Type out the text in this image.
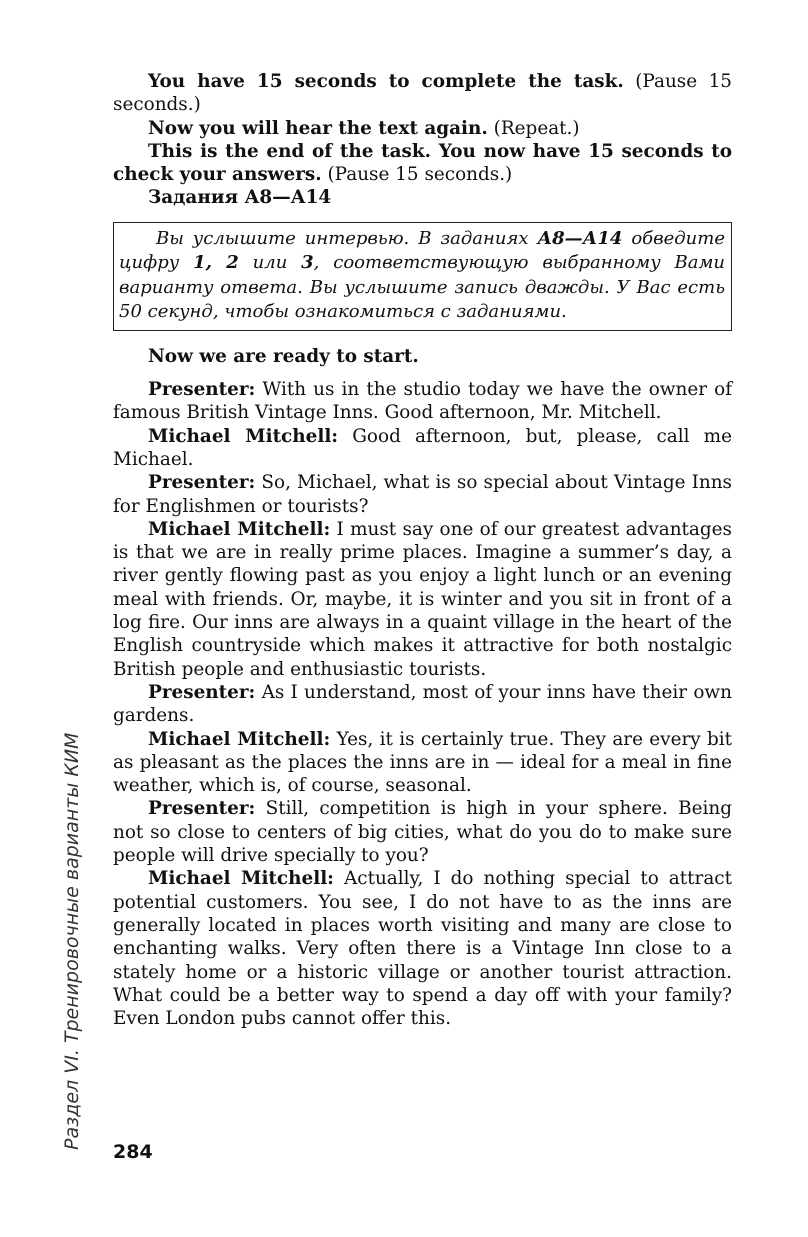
You have 15 seconds to complete the task. (Pause 15 seconds.)

Now you will hear the text again. (Repeat.)

This is the end of the task. You now have 15 seconds to check your answers. (Pause 15 seconds.)

Задания А8—А14

Вы услышите интервью. В заданиях А8—А14 обведите цифру 1, 2 или 3, соответствующую выбранному Вами варианту ответа. Вы услышите запись дважды. У Вас есть 50 секунд, чтобы ознакомиться с заданиями.

Now we are ready to start.

Presenter: With us in the studio today we have the owner of famous British Vintage Inns. Good afternoon, Mr. Mitchell.

Michael Mitchell: Good afternoon, but, please, call me Michael.

Presenter: So, Michael, what is so special about Vintage Inns for Englishmen or tourists?

Michael Mitchell: I must say one of our greatest advantages is that we are in really prime places. Imagine a summer’s day, a river gently flowing past as you enjoy a light lunch or an evening meal with friends. Or, maybe, it is winter and you sit in front of a log fire. Our inns are always in a quaint village in the heart of the English countryside which makes it attractive for both nostalgic British people and enthusiastic tourists.

Presenter: As I understand, most of your inns have their own gardens.

Michael Mitchell: Yes, it is certainly true. They are every bit as pleasant as the places the inns are in — ideal for a meal in fine weather, which is, of course, seasonal.

Presenter: Still, competition is high in your sphere. Being not so close to centers of big cities, what do you do to make sure people will drive specially to you?

Michael Mitchell: Actually, I do nothing special to attract potential customers. You see, I do not have to as the inns are generally located in places worth visiting and many are close to enchanting walks. Very often there is a Vintage Inn close to a stately home or a historic village or another tourist attraction. What could be a better way to spend a day off with your family? Even London pubs cannot offer this.

Раздел VI. Тренировочные варианты КИМ
284
